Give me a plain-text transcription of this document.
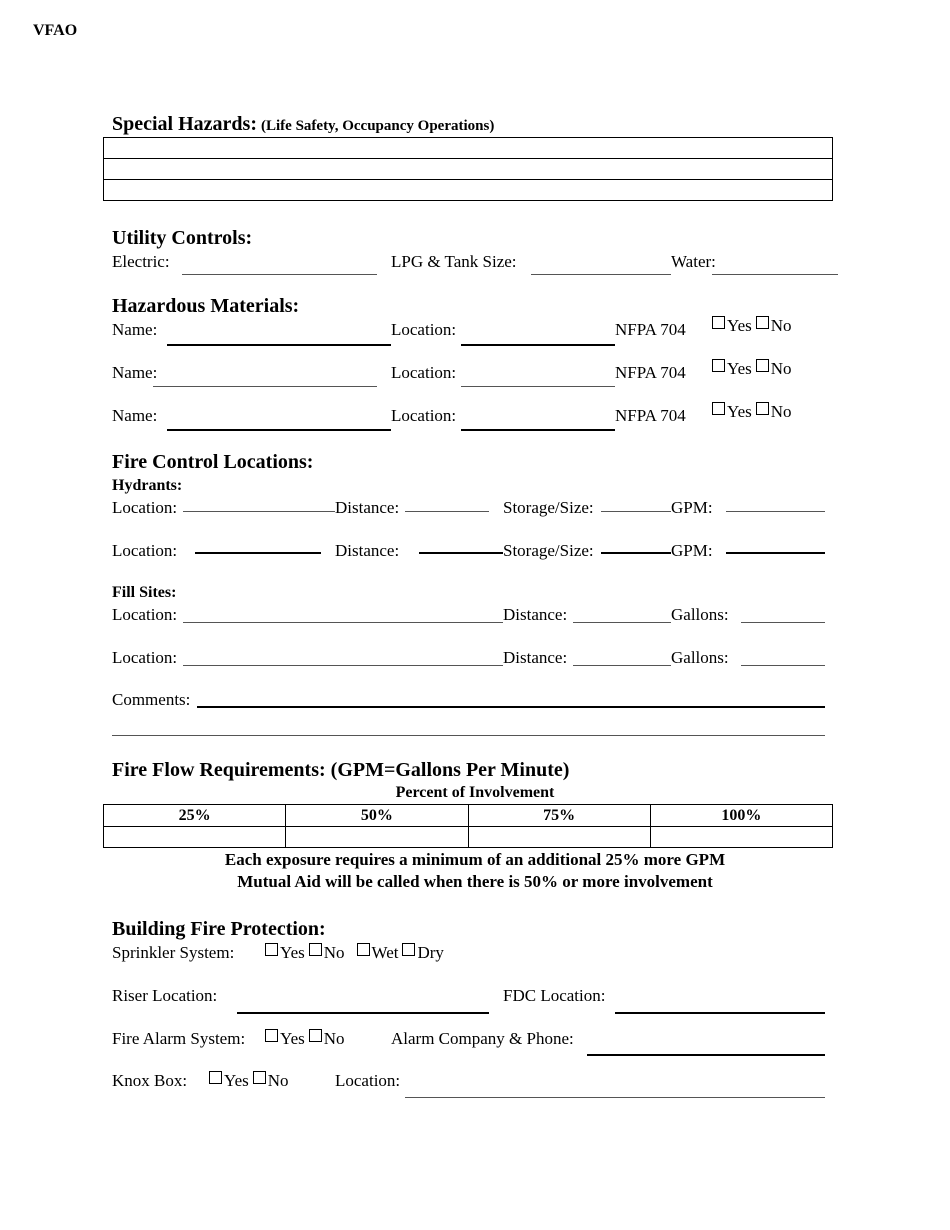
VFAO
Special Hazards: (Life Safety, Occupancy Operations)

Utility Controls:
Electric:	LPG & Tank Size:	Water:
Hazardous Materials:
Name:	Location:	NFPA 704	Yes No
Name:	Location:	NFPA 704	Yes No
Name:	Location:	NFPA 704	Yes No
Fire Control Locations:
Hydrants:
Location:	Distance:	Storage/Size:	GPM:
Location:	Distance:	Storage/Size:	GPM:
Fill Sites:
Location:	Distance:	Gallons:
Location:	Distance:	Gallons:
Comments:
Fire Flow Requirements: (GPM=Gallons Per Minute)
Percent of Involvement
25%	50%	75%	100%

Each exposure requires a minimum of an additional 25% more GPM
Mutual Aid will be called when there is 50% or more involvement
Building Fire Protection:
Sprinkler System:	Yes No Wet Dry
Riser Location:	FDC Location:
Fire Alarm System:	Yes No	Alarm Company & Phone:
Knox Box:	Yes No	Location:
